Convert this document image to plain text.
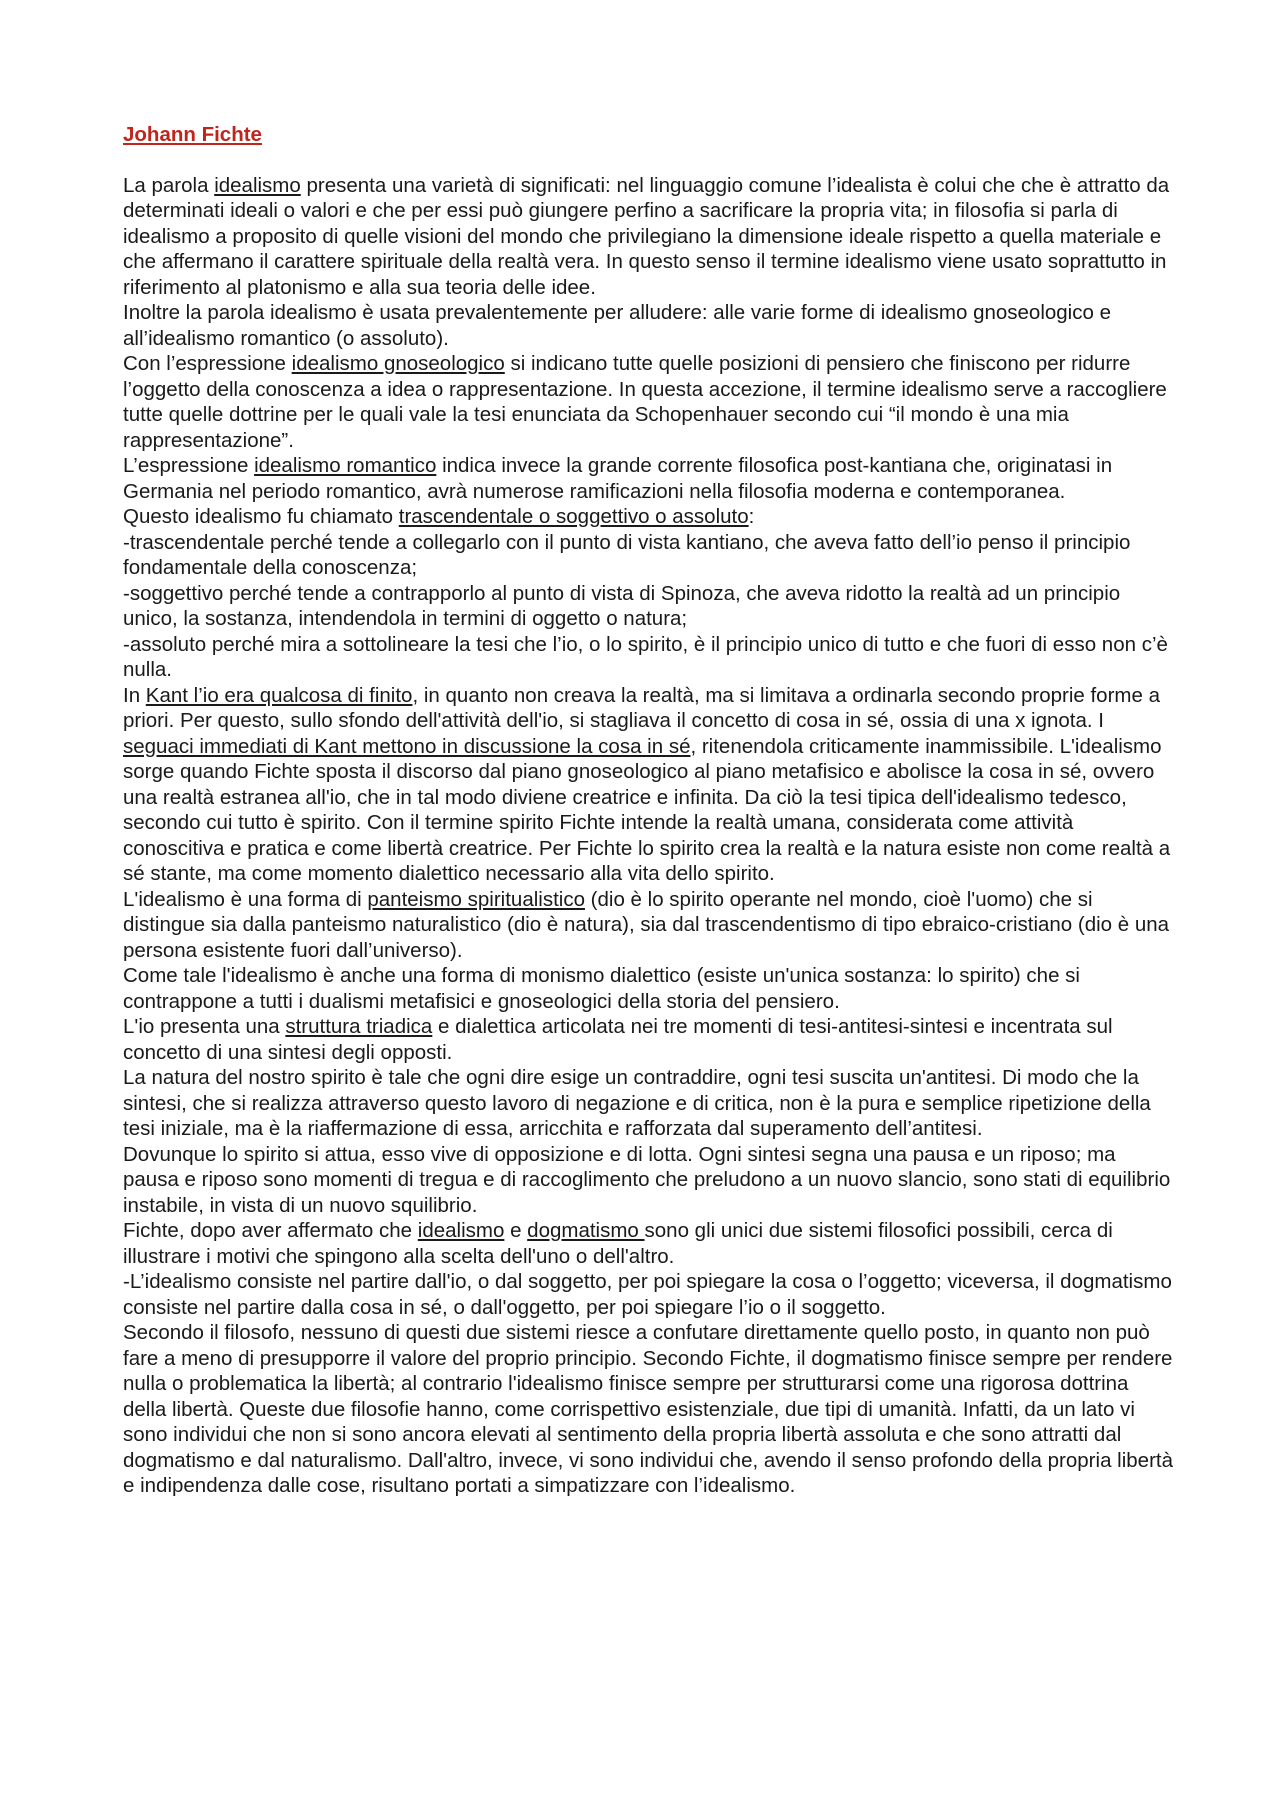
Johann Fichte

La parola idealismo presenta una varietà di significati: nel linguaggio comune l’idealista è colui che che è attratto da determinati ideali o valori e che per essi può giungere perfino a sacrificare la propria vita; in filosofia si parla di idealismo a proposito di quelle visioni del mondo che privilegiano la dimensione ideale rispetto a quella materiale e che affermano il carattere spirituale della realtà vera. In questo senso il termine idealismo viene usato soprattutto in riferimento al platonismo e alla sua teoria delle idee.

Inoltre la parola idealismo è usata prevalentemente per alludere: alle varie forme di idealismo gnoseologico e all’idealismo romantico (o assoluto).

Con l’espressione idealismo gnoseologico si indicano tutte quelle posizioni di pensiero che finiscono per ridurre l’oggetto della conoscenza a idea o rappresentazione. In questa accezione, il termine idealismo serve a raccogliere tutte quelle dottrine per le quali vale la tesi enunciata da Schopenhauer secondo cui “il mondo è una mia rappresentazione”.

L’espressione idealismo romantico indica invece la grande corrente filosofica post-kantiana che, originatasi in Germania nel periodo romantico, avrà numerose ramificazioni nella filosofia moderna e contemporanea.

Questo idealismo fu chiamato trascendentale o soggettivo o assoluto:

-trascendentale perché tende a collegarlo con il punto di vista kantiano, che aveva fatto dell’io penso il principio fondamentale della conoscenza;

-soggettivo perché tende a contrapporlo al punto di vista di Spinoza, che aveva ridotto la realtà ad un principio unico, la sostanza, intendendola in termini di oggetto o natura;

-assoluto perché mira a sottolineare la tesi che l’io, o lo spirito, è il principio unico di tutto e che fuori di esso non c’è nulla.

In Kant l’io era qualcosa di finito, in quanto non creava la realtà, ma si limitava a ordinarla secondo proprie forme a priori. Per questo, sullo sfondo dell'attività dell'io, si stagliava il concetto di cosa in sé, ossia di una x ignota. I seguaci immediati di Kant mettono in discussione la cosa in sé, ritenendola criticamente inammissibile. L'idealismo sorge quando Fichte sposta il discorso dal piano gnoseologico al piano metafisico e abolisce la cosa in sé, ovvero una realtà estranea all'io, che in tal modo diviene creatrice e infinita. Da ciò la tesi tipica dell'idealismo tedesco, secondo cui tutto è spirito. Con il termine spirito Fichte intende la realtà umana, considerata come attività conoscitiva e pratica e come libertà creatrice. Per Fichte lo spirito crea la realtà e la natura esiste non come realtà a sé stante, ma come momento dialettico necessario alla vita dello spirito.

L'idealismo è una forma di panteismo spiritualistico (dio è lo spirito operante nel mondo, cioè l'uomo) che si distingue sia dalla panteismo naturalistico (dio è natura), sia dal trascendentismo di tipo ebraico-cristiano (dio è una persona esistente fuori dall’universo).

Come tale l'idealismo è anche una forma di monismo dialettico (esiste un'unica sostanza: lo spirito) che si contrappone a tutti i dualismi metafisici e gnoseologici della storia del pensiero.

L'io presenta una struttura triadica e dialettica articolata nei tre momenti di tesi-antitesi-sintesi e incentrata sul concetto di una sintesi degli opposti.

La natura del nostro spirito è tale che ogni dire esige un contraddire, ogni tesi suscita un'antitesi. Di modo che la sintesi, che si realizza attraverso questo lavoro di negazione e di critica, non è la pura e semplice ripetizione della tesi iniziale, ma è la riaffermazione di essa, arricchita e rafforzata dal superamento dell’antitesi.

Dovunque lo spirito si attua, esso vive di opposizione e di lotta. Ogni sintesi segna una pausa e un riposo; ma pausa e riposo sono momenti di tregua e di raccoglimento che preludono a un nuovo slancio, sono stati di equilibrio instabile, in vista di un nuovo squilibrio.

Fichte, dopo aver affermato che idealismo e dogmatismo sono gli unici due sistemi filosofici possibili, cerca di illustrare i motivi che spingono alla scelta dell'uno o dell'altro.

-L’idealismo consiste nel partire dall'io, o dal soggetto, per poi spiegare la cosa o l’oggetto; viceversa, il dogmatismo consiste nel partire dalla cosa in sé, o dall'oggetto, per poi spiegare l’io o il soggetto.

Secondo il filosofo, nessuno di questi due sistemi riesce a confutare direttamente quello posto, in quanto non può fare a meno di presupporre il valore del proprio principio. Secondo Fichte, il dogmatismo finisce sempre per rendere nulla o problematica la libertà; al contrario l'idealismo finisce sempre per strutturarsi come una rigorosa dottrina della libertà. Queste due filosofie hanno, come corrispettivo esistenziale, due tipi di umanità. Infatti, da un lato vi sono individui che non si sono ancora elevati al sentimento della propria libertà assoluta e che sono attratti dal dogmatismo e dal naturalismo. Dall'altro, invece, vi sono individui che, avendo il senso profondo della propria libertà e indipendenza dalle cose, risultano portati a simpatizzare con l’idealismo.
